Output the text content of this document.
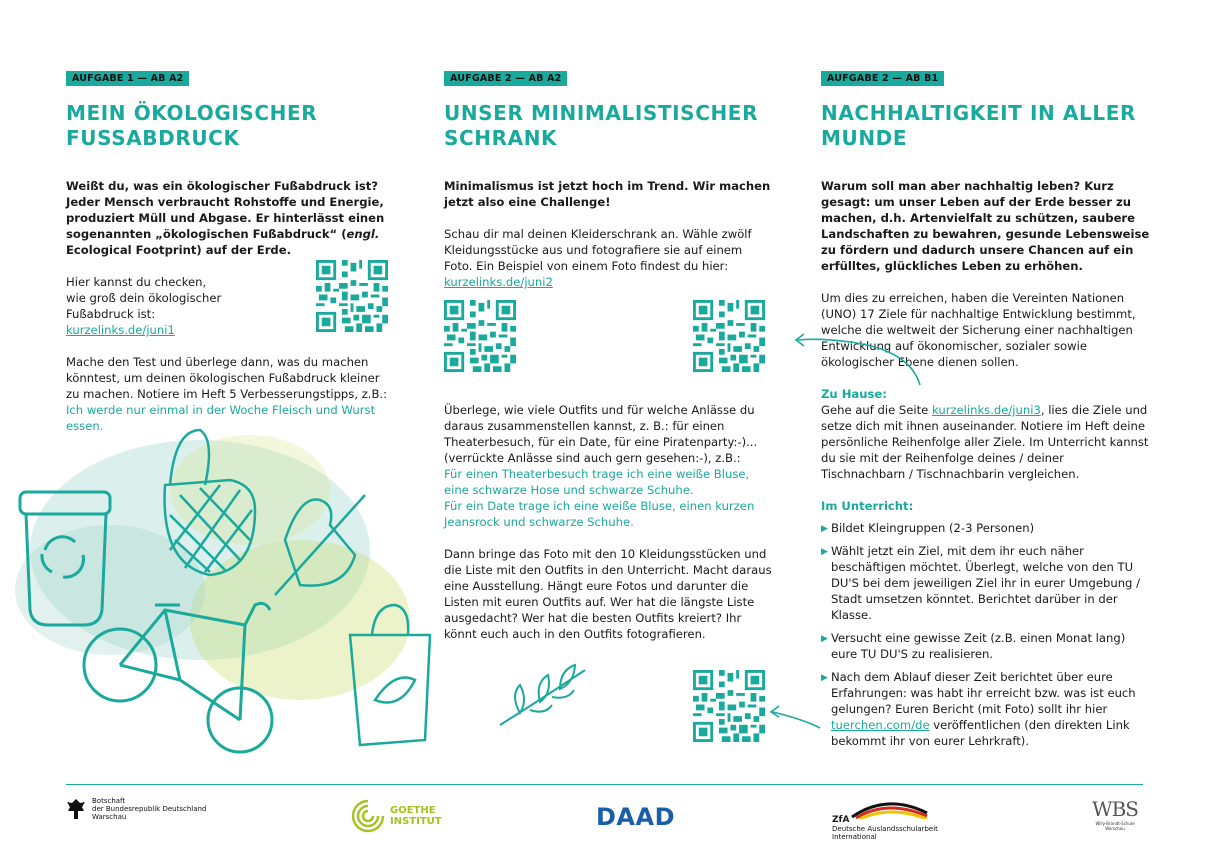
AUFGABE 1 — AB A2
MEIN ÖKOLOGISCHER
FUSSABDRUCK

Weißt du, was ein ökologischer Fußabdruck ist? Jeder Mensch verbraucht Rohstoffe und Energie, produziert Müll und Abgase. Er hinterlässt einen sogenannten „ökologischen Fußabdruck“ (engl. Ecological Footprint) auf der Erde.

Hier kannst du checken,
wie groß dein ökologischer
Fußabdruck ist:
kurzelinks.de/juni1

Mache den Test und überlege dann, was du machen könntest, um deinen ökologischen Fußabdruck kleiner zu machen. Notiere im Heft 5 Verbesserungstipps, z.B.:

Ich werde nur einmal in der Woche Fleisch und Wurst essen.

AUFGABE 2 — AB A2
UNSER MINIMALISTISCHER
SCHRANK

Minimalismus ist jetzt hoch im Trend. Wir machen jetzt also eine Challenge!

Schau dir mal deinen Kleiderschrank an. Wähle zwölf Kleidungsstücke aus und fotografiere sie auf einem Foto. Ein Beispiel von einem Foto findest du hier:
kurzelinks.de/juni2

Überlege, wie viele Outfits und für welche Anlässe du daraus zusammenstellen kannst, z. B.: für einen Theaterbesuch, für ein Date, für eine Piratenparty:-)... (verrückte Anlässe sind auch gern gesehen:-), z.B.:

Für einen Theaterbesuch trage ich eine weiße Bluse, eine schwarze Hose und schwarze Schuhe.

Für ein Date trage ich eine weiße Bluse, einen kurzen Jeansrock und schwarze Schuhe.

Dann bringe das Foto mit den 10 Kleidungsstücken und die Liste mit den Outfits in den Unterricht. Macht daraus eine Ausstellung. Hängt eure Fotos und darunter die Listen mit euren Outfits auf. Wer hat die längste Liste ausgedacht? Wer hat die besten Outfits kreiert? Ihr könnt euch auch in den Outfits fotografieren.

AUFGABE 2 — AB B1
NACHHALTIGKEIT IN ALLER
MUNDE

Warum soll man aber nachhaltig leben? Kurz gesagt: um unser Leben auf der Erde besser zu machen, d.h. Artenvielfalt zu schützen, saubere Landschaften zu bewahren, gesunde Lebensweise zu fördern und dadurch unsere Chancen auf ein erfülltes, glückliches Leben zu erhöhen.

Um dies zu erreichen, haben die Vereinten Nationen (UNO) 17 Ziele für nachhaltige Entwicklung bestimmt, welche die weltweit der Sicherung einer nachhaltigen Entwicklung auf ökonomischer, sozialer sowie ökologischer Ebene dienen sollen.

Zu Hause:

Gehe auf die Seite kurzelinks.de/juni3, lies die Ziele und setze dich mit ihnen auseinander. Notiere im Heft deine persönliche Reihenfolge aller Ziele. Im Unterricht kannst du sie mit der Reihenfolge deines / deiner Tischnachbarn / Tischnachbarin vergleichen.

Im Unterricht:

▶ Bildet Kleingruppen (2-3 Personen)
▶ Wählt jetzt ein Ziel, mit dem ihr euch näher beschäftigen möchtet. Überlegt, welche von den TU DU'S bei dem jeweiligen Ziel ihr in eurer Umgebung / Stadt umsetzen könntet. Berichtet darüber in der Klasse.
▶ Versucht eine gewisse Zeit (z.B. einen Monat lang) eure TU DU'S zu realisieren.
▶ Nach dem Ablauf dieser Zeit berichtet über eure Erfahrungen: was habt ihr erreicht bzw. was ist euch gelungen? Euren Bericht (mit Foto) sollt ihr hier tuerchen.com/de veröffentlichen (den direkten Link bekommt ihr von eurer Lehrkraft).
Botschaft
der Bundesrepublik Deutschland
Warschau
GOETHE
INSTITUT	DAAD	ZfA
Deutsche Auslandsschularbeit
International
WBS
Willy-Brandt-Schule
Warschau
